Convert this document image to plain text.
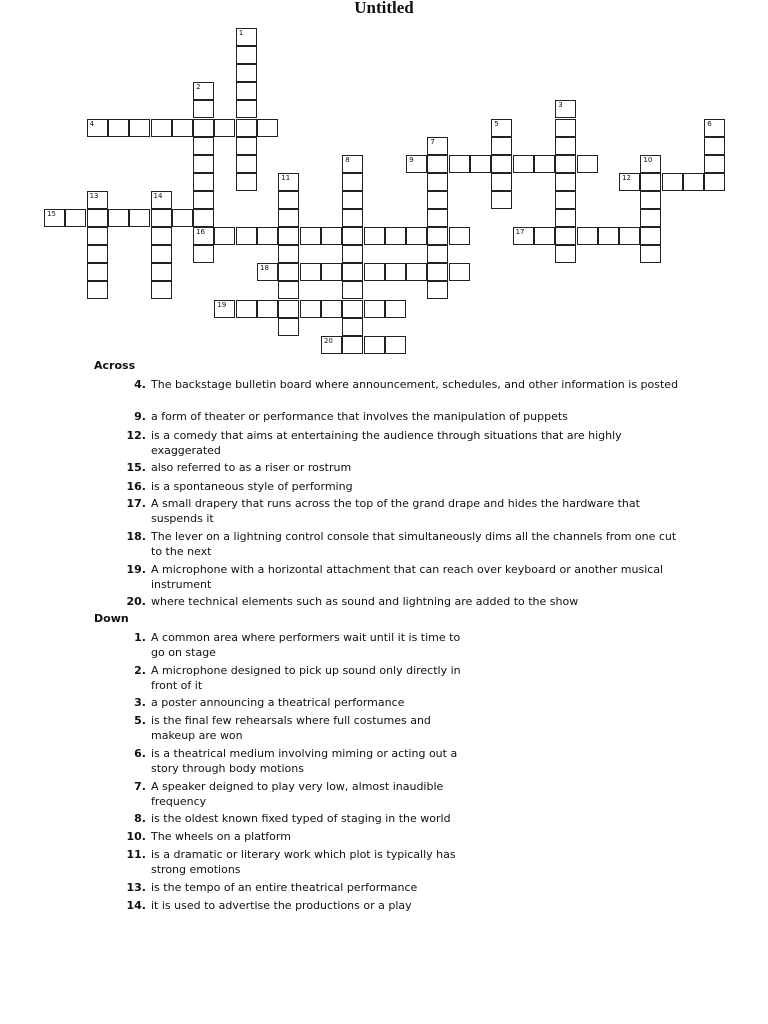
Untitled
1
2
16
3
4	5	6
7
8	9	10
11	12
13	14
15
17
18
19
20
Across
4. The backstage bulletin board where announcement, schedules, and other information is posted
9. a form of theater or performance that involves the manipulation of puppets
12. is a comedy that aims at entertaining the audience through situations that are highly exaggerated
15. also referred to as a riser or rostrum
16. is a spontaneous style of performing
17. A small drapery that runs across the top of the grand drape and hides the hardware that suspends it
18. The lever on a lightning control console that simultaneously dims all the channels from one cut to the next
19. A microphone with a horizontal attachment that can reach over keyboard or another musical instrument
20. where technical elements such as sound and lightning are added to the show
Down
1. A common area where performers wait until it is time to go on stage
2. A microphone designed to pick up sound only directly in front of it
3. a poster announcing a theatrical performance
5. is the final few rehearsals where full costumes and makeup are won
6. is a theatrical medium involving miming or acting out a story through body motions
7. A speaker deigned to play very low, almost inaudible frequency
8. is the oldest known fixed typed of staging in the world
10. The wheels on a platform
11. is a dramatic or literary work which plot is typically has strong emotions
13. is the tempo of an entire theatrical performance
14. it is used to advertise the productions or a play
